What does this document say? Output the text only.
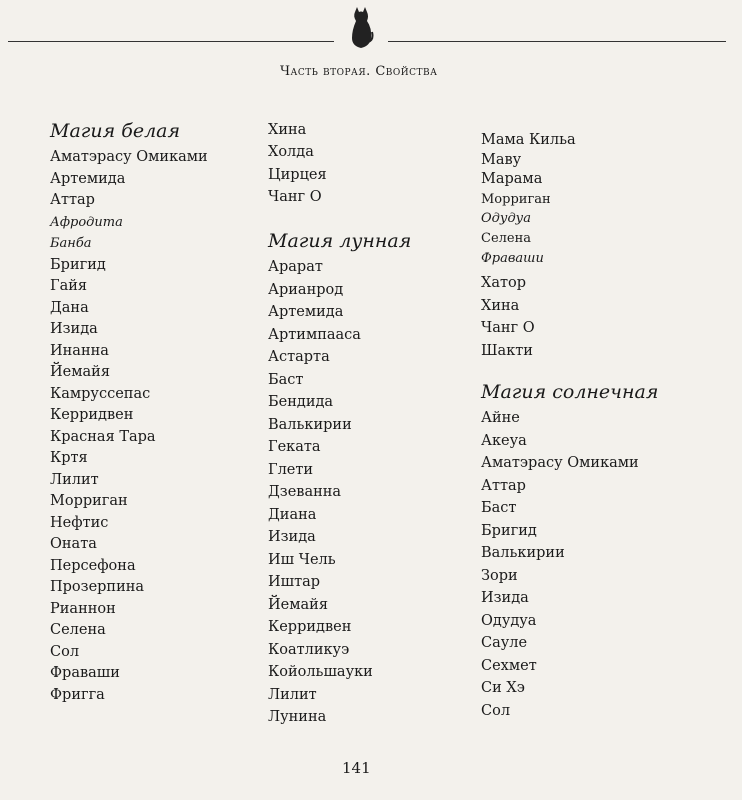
Часть вторая. Свойства
Магия белая
Аматэрасу Омиками
Артемида
Аттар
Афродита
Банба
Бригид
Гайя
Дана
Изида
Инанна
Йемайя
Камруссепас
Керридвен
Красная Тара
Кртя
Лилит
Морриган
Нефтис
Оната
Персефона
Прозерпина
Рианнон
Селена
Сол
Фраваши
Фригга
Хина
Холда
Цирцея
Чанг О
Магия лунная
Арарат
Арианрод
Артемида
Артимпааса
Астарта
Баст
Бендида
Валькирии
Геката
Глети
Дзеванна
Диана
Изида
Иш Чель
Иштар
Йемайя
Керридвен
Коатликуэ
Койольшауки
Лилит
Лунина
Мама Кильа
Маву
Марама
Морриган
Одудуа
Селена
Фраваши
Хатор
Хина
Чанг О
Шакти
Магия солнечная
Айне
Акеуа
Аматэрасу Омиками
Аттар
Баст
Бригид
Валькирии
Зори
Изида
Одудуа
Сауле
Сехмет
Си Хэ
Сол
141
